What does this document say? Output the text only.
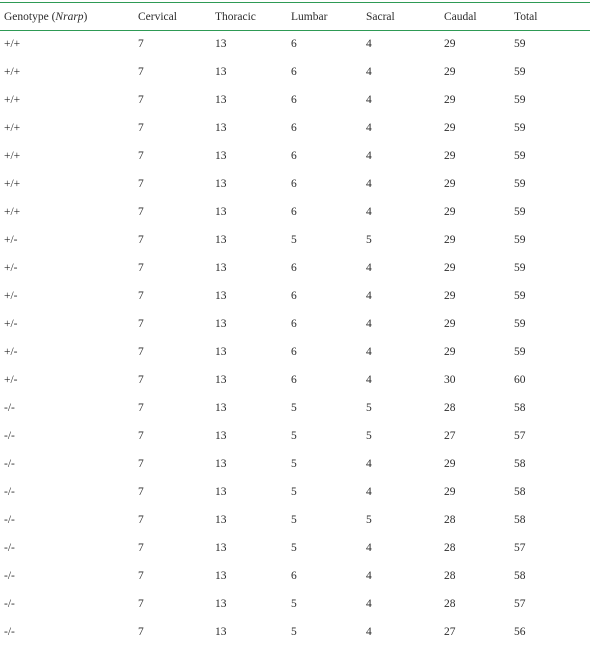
Genotype (Nrarp)	Cervical	Thoracic	Lumbar	Sacral	Caudal	Total
+/+	7	13	6	4	29	59
+/+	7	13	6	4	29	59
+/+	7	13	6	4	29	59
+/+	7	13	6	4	29	59
+/+	7	13	6	4	29	59
+/+	7	13	6	4	29	59
+/+	7	13	6	4	29	59
+/-	7	13	5	5	29	59
+/-	7	13	6	4	29	59
+/-	7	13	6	4	29	59
+/-	7	13	6	4	29	59
+/-	7	13	6	4	29	59
+/-	7	13	6	4	30	60
-/-	7	13	5	5	28	58
-/-	7	13	5	5	27	57
-/-	7	13	5	4	29	58
-/-	7	13	5	4	29	58
-/-	7	13	5	5	28	58
-/-	7	13	5	4	28	57
-/-	7	13	6	4	28	58
-/-	7	13	5	4	28	57
-/-	7	13	5	4	27	56
